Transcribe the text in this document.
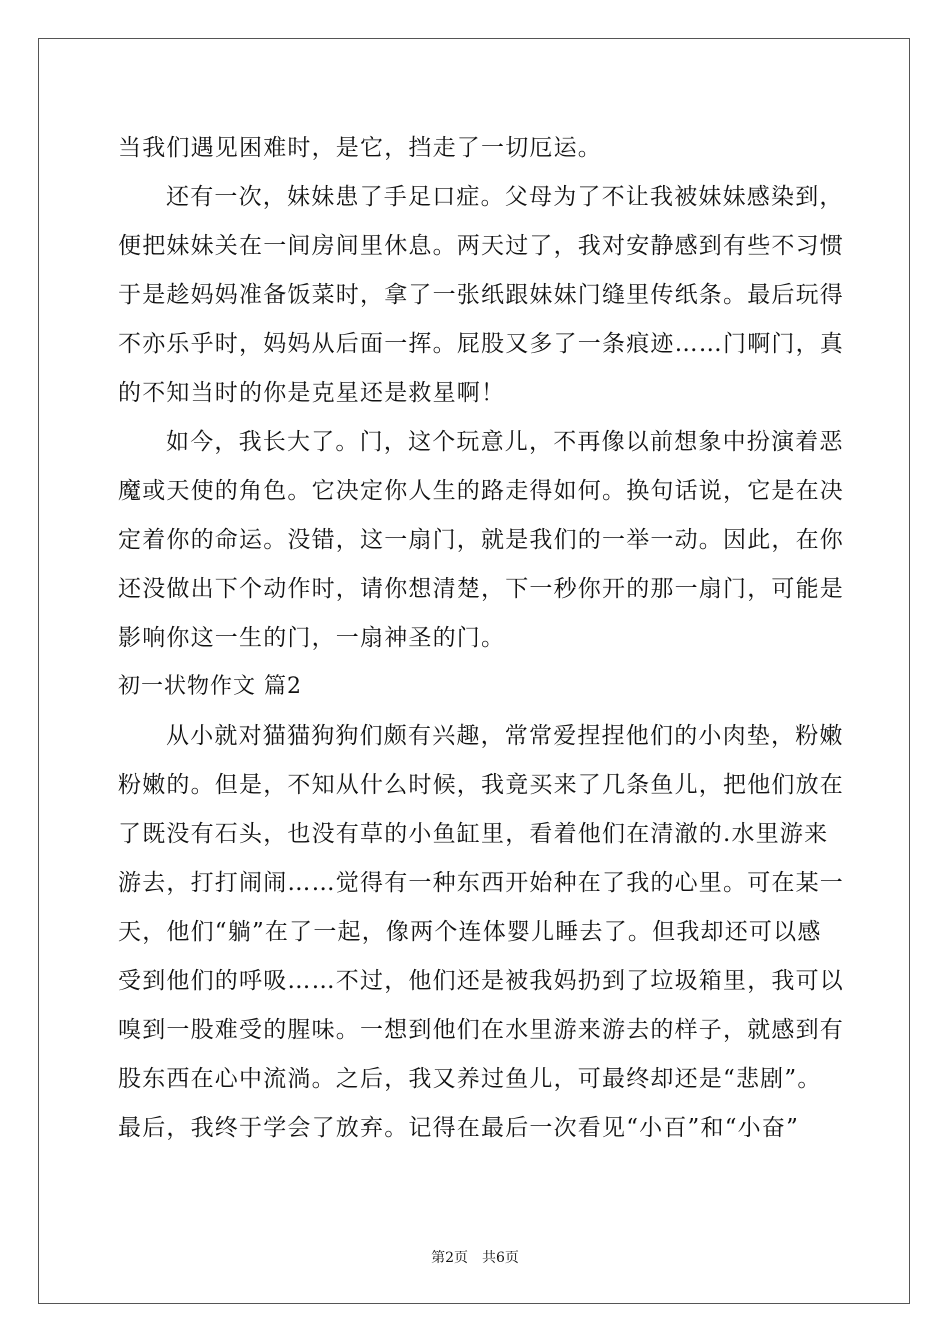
当我们遇见困难时，是它，挡走了一切厄运。
还有一次，妹妹患了手足口症。父母为了不让我被妹妹感染到，
便把妹妹关在一间房间里休息。两天过了，我对安静感到有些不习惯
于是趁妈妈准备饭菜时，拿了一张纸跟妹妹门缝里传纸条。最后玩得
不亦乐乎时，妈妈从后面一挥。屁股又多了一条痕迹……门啊门，真
的不知当时的你是克星还是救星啊！
如今，我长大了。门，这个玩意儿，不再像以前想象中扮演着恶
魔或天使的角色。它决定你人生的路走得如何。换句话说，它是在决
定着你的命运。没错，这一扇门，就是我们的一举一动。因此，在你
还没做出下个动作时，请你想清楚，下一秒你开的那一扇门，可能是
影响你这一生的门，一扇神圣的门。
初一状物作文 篇2
从小就对猫猫狗狗们颇有兴趣，常常爱捏捏他们的小肉垫，粉嫩
粉嫩的。但是，不知从什么时候，我竟买来了几条鱼儿，把他们放在
了既没有石头，也没有草的小鱼缸里，看着他们在清澈的.水里游来
游去，打打闹闹……觉得有一种东西开始种在了我的心里。可在某一
天，他们“躺”在了一起，像两个连体婴儿睡去了。但我却还可以感
受到他们的呼吸……不过，他们还是被我妈扔到了垃圾箱里，我可以
嗅到一股难受的腥味。一想到他们在水里游来游去的样子，就感到有
股东西在心中流淌。之后，我又养过鱼儿，可最终却还是“悲剧”。
最后，我终于学会了放弃。记得在最后一次看见“小百”和“小奋”
第2页　共6页
